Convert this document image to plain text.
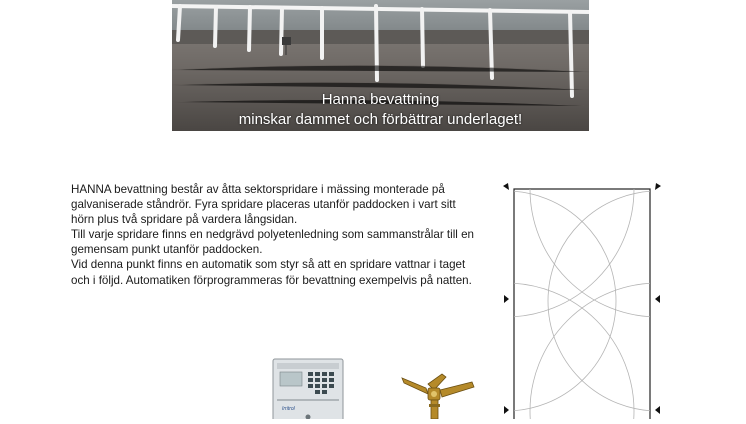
Hanna bevattning
minskar dammet och förbättrar underlaget!

HANNA bevattning består av åtta sektorspridare i mässing monterade på galvaniserade ståndrör. Fyra spridare placeras utanför paddocken i vart sitt hörn plus två spridare på vardera långsidan.

Till varje spridare finns en nedgrävd polyetenledning som sammanstrålar till en gemensam punkt utanför paddocken.

Vid denna punkt finns en automatik som styr så att en spridare vattnar i taget och i följd. Automatiken förprogrammeras för bevattning exempelvis på natten.

Irritrol
